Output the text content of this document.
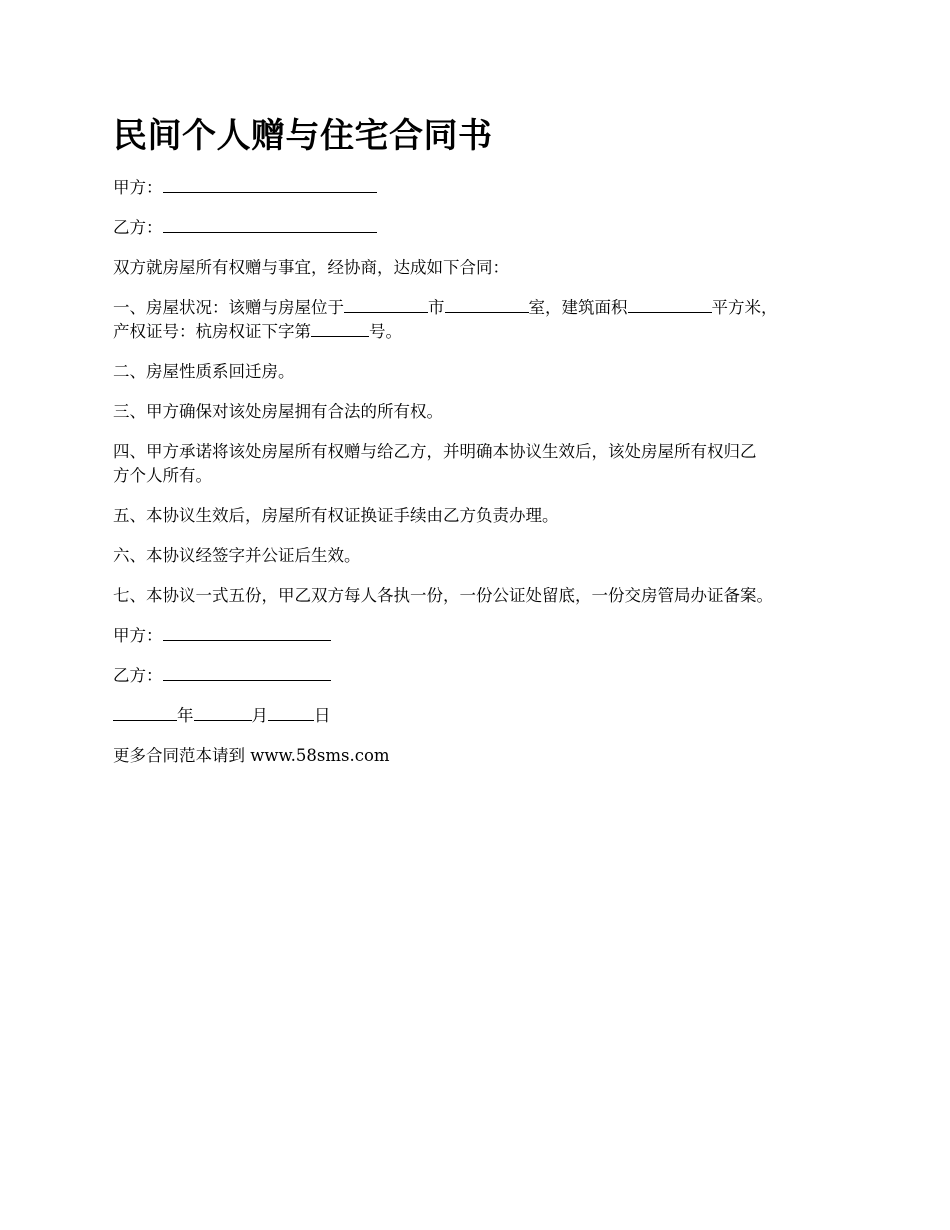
民间个人赠与住宅合同书
甲方：
乙方：
双方就房屋所有权赠与事宜，经协商，达成如下合同：
一、房屋状况：该赠与房屋位于	市	室，建筑面积	平方米，
产权证号：杭房权证下字第	号。
二、房屋性质系回迁房。
三、甲方确保对该处房屋拥有合法的所有权。
四、甲方承诺将该处房屋所有权赠与给乙方，并明确本协议生效后，该处房屋所有权归乙
方个人所有。
五、本协议生效后，房屋所有权证换证手续由乙方负责办理。
六、本协议经签字并公证后生效。
七、本协议一式五份，甲乙双方每人各执一份，一份公证处留底，一份交房管局办证备案。
甲方：
乙方：
年	月	日
更多合同范本请到 www.58sms.com
